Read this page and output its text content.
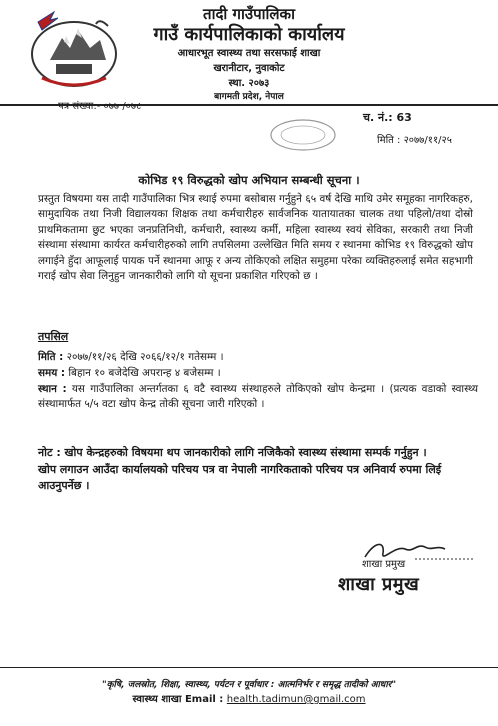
तादी गाउँपालिका
गाउँ कार्यपालिकाको कार्यालय
आधारभूत स्वास्थ्य तथा सरसफाई शाखा
खरानीटार, नुवाकोट
स्था. २०७३
बागमती प्रदेश, नेपाल
पत्र संख्या:- ०७७ /०७८
च. नं.: 63
मिति : २०७७/११/२५
कोभिड १९ विरुद्धको खोप अभियान सम्बन्धी सूचना ।
प्रस्तुत विषयमा यस तादी गाउँपालिका भित्र स्थाई रुपमा बसोबास गर्नुहुने ६५ वर्ष देखि माथि उमेर समूहका नागरिकहरु, सामुदायिक तथा निजी विद्यालयका शिक्षक तथा कर्मचारीहरु सार्वजनिक यातायातका चालक तथा पहिलो/तथा दोस्रो प्राथमिकतामा छुट भएका जनप्रतिनिधी, कर्मचारी, स्वास्थ्य कर्मी, महिला स्वास्थ्य स्वयं सेविका, सरकारी तथा निजी संस्थामा संस्थामा कार्यरत कर्मचारीहरुको लागि तपसिलमा उल्लेखित मिति समय र स्थानमा कोभिड १९ विरुद्धको खोप लगाईने हुँदा आफूलाई पायक पर्ने स्थानमा आफू र अन्य तोकिएको लक्षित समुहमा परेका व्यक्तिहरुलाई समेत सहभागी गराई खोप सेवा लिनुहुन जानकारीको लागि यो सूचना प्रकाशित गरिएको छ ।
तपसिल
मिति : २०७७/११/२६ देखि २०६६/१२/१ गतेसम्म ।
समय : बिहान १० बजेदेखि अपरान्ह ४ बजेसम्म ।
स्थान : यस गाउँपालिका अन्तर्गतका ६ वटै स्वास्थ्य संस्थाहरुले तोकिएको खोप केन्द्रमा । (प्रत्यक वडाको स्वास्थ्य संस्थामार्फत ५/५ वटा खोप केन्द्र तोकी सूचना जारी गरिएको ।
नोट : खोप केन्द्रहरुको विषयमा थप जानकारीको लागि नजिकैको स्वास्थ्य संस्थामा सम्पर्क गर्नुहुन ।
खोप लगाउन आउँदा कार्यालयको परिचय पत्र वा नेपाली नागरिकताको परिचय पत्र अनिवार्य रुपमा लिई आउनुपर्नेछ ।
शाखा प्रमुख
शाखा प्रमुख
"कृषि, जलस्रोत, शिक्षा, स्वास्थ्य, पर्यटन र पूर्वाधार : आत्मनिर्भर र समृद्ध तादीको आधार"
स्वास्थ्य शाखा Email : health.tadimun@gmail.com
